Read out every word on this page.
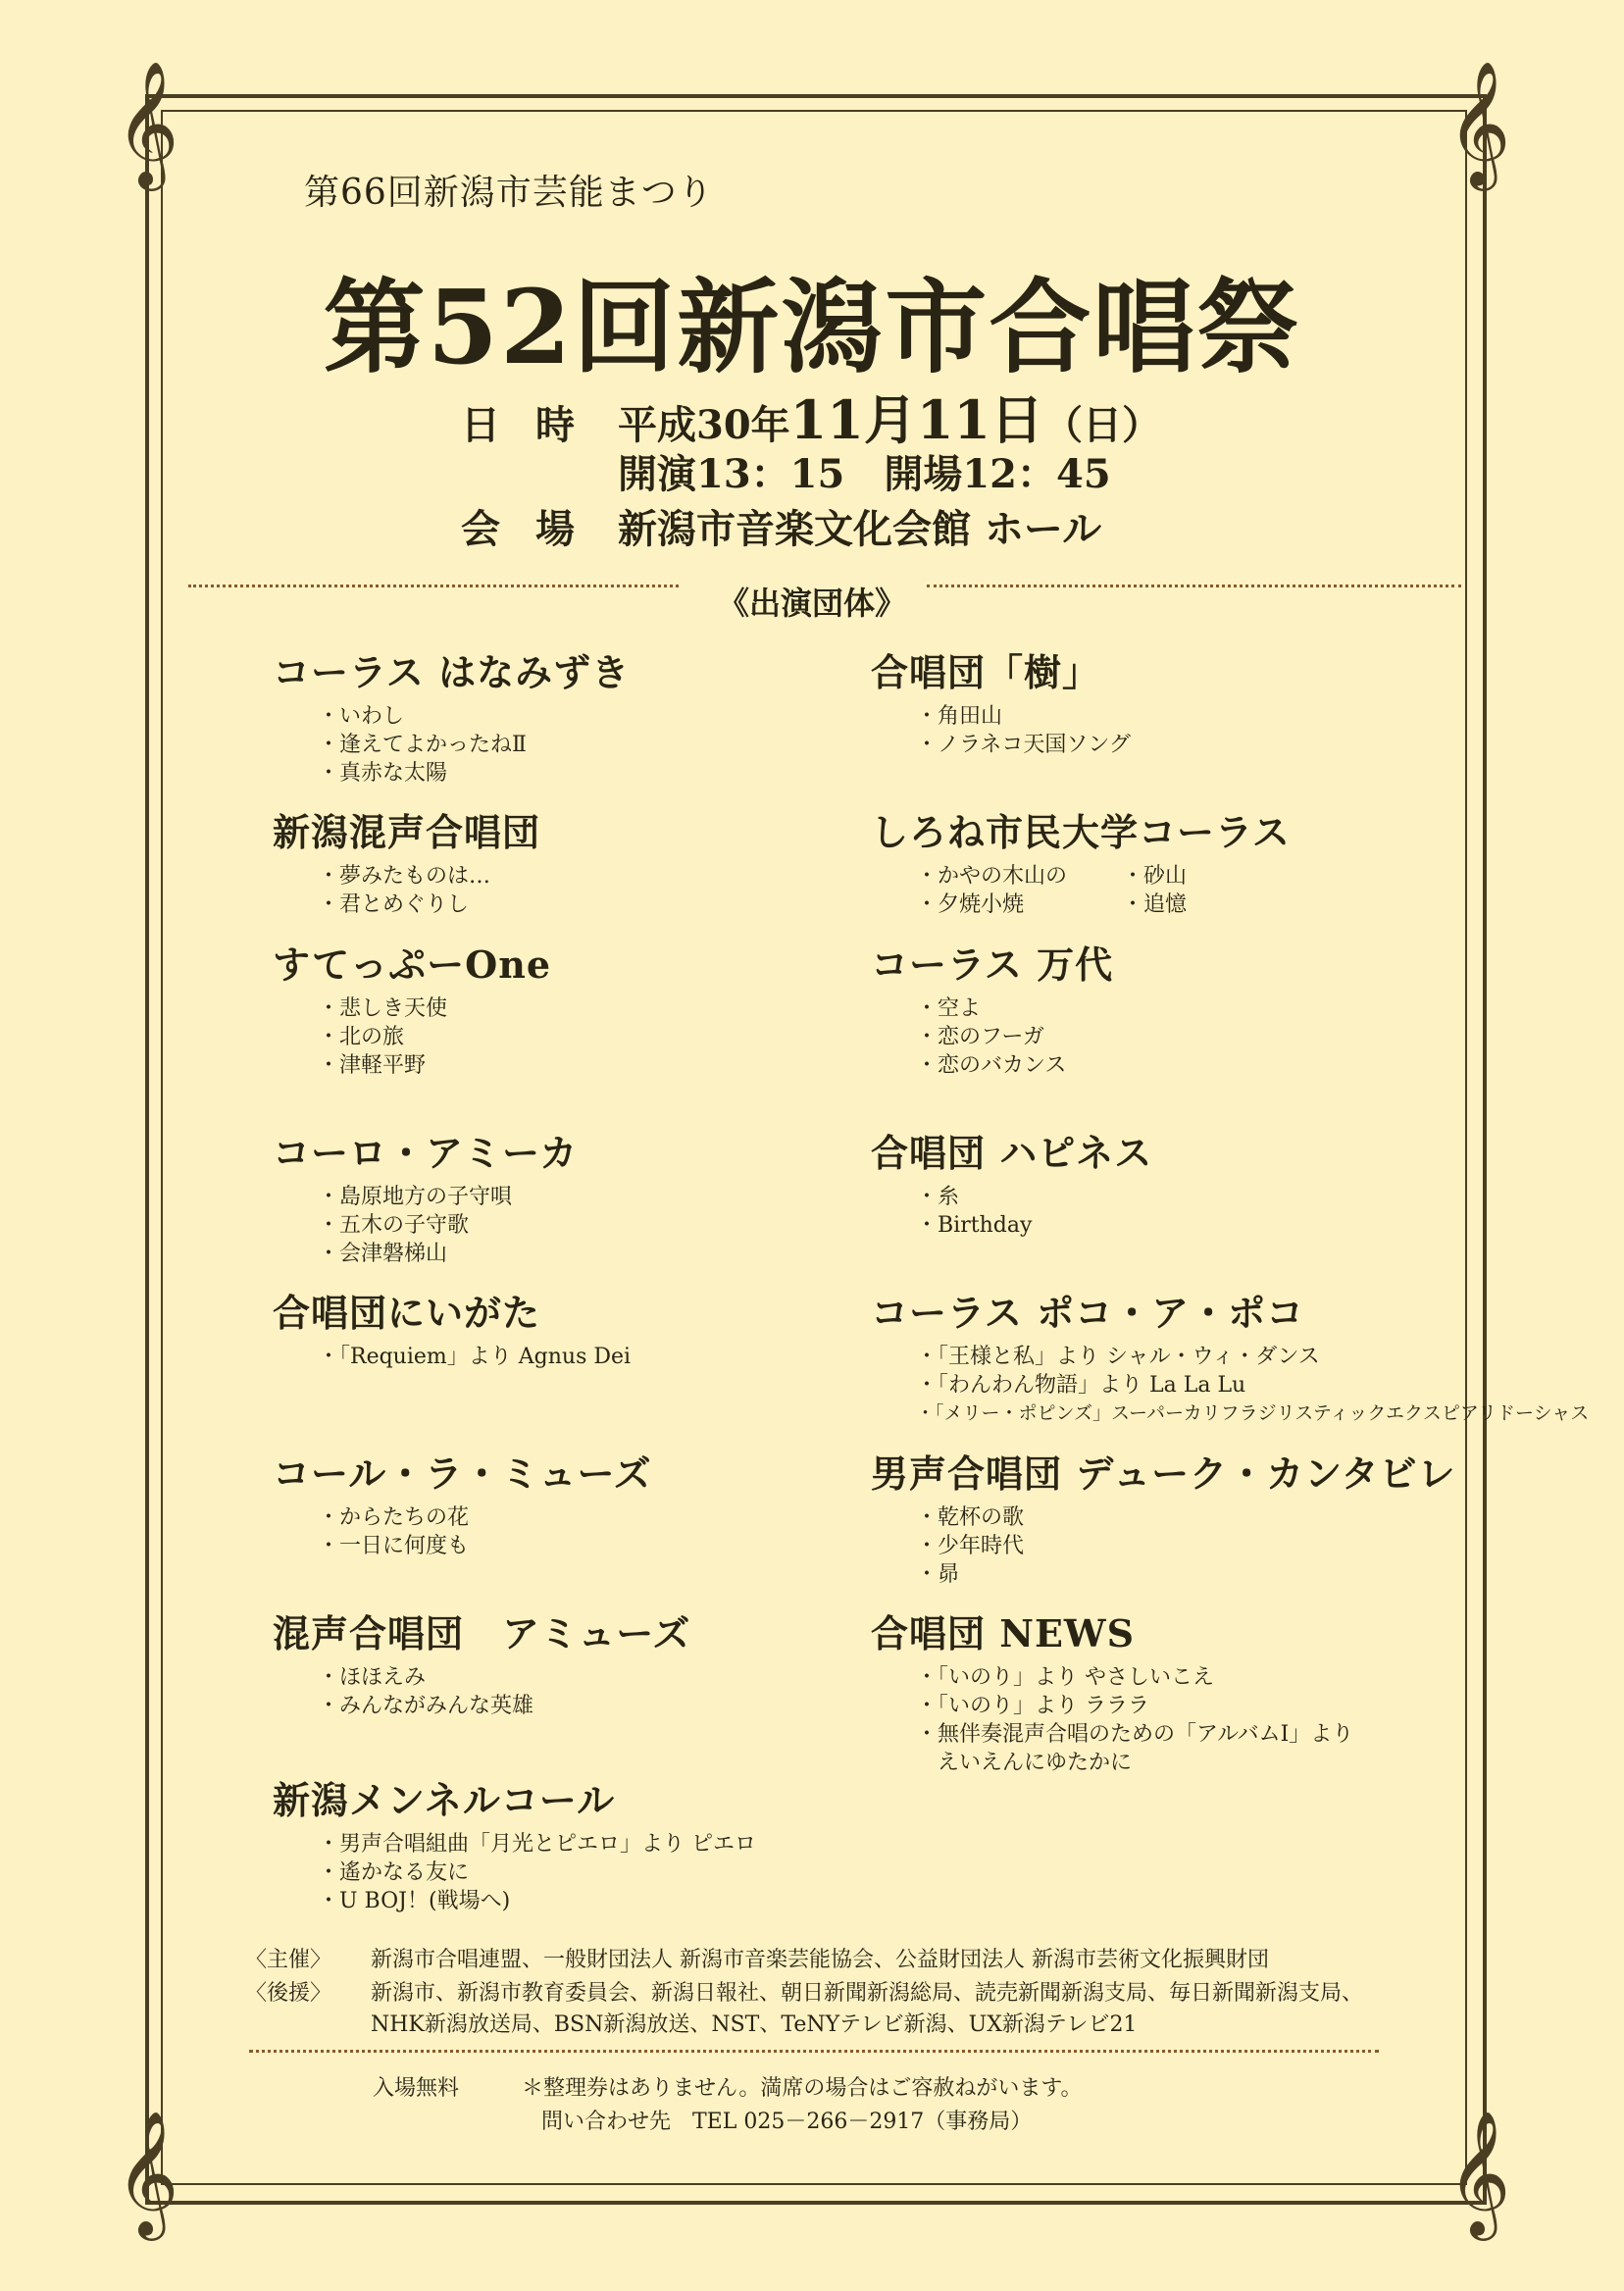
𝄞	𝄞
𝄞	𝄞
第66回新潟市芸能まつり
第52回新潟市合唱祭
日時 平成30年11月11日（日）
開演13：15　開場12：45
会場 新潟市音楽文化会館 ホール
《出演団体》
コーラス はなみずき
・ いわし
・ 逢えてよかったねⅡ
・ 真赤な太陽
新潟混声合唱団
・ 夢みたものは…
・ 君とめぐりし
すてっぷーOne
・ 悲しき天使
・ 北の旅
・ 津軽平野
コーロ・アミーカ
・ 島原地方の子守唄
・ 五木の子守歌
・ 会津磐梯山
合唱団にいがた
・ 「Requiem」より Agnus Dei
コール・ラ・ミューズ
・ からたちの花
・ 一日に何度も
混声合唱団　アミューズ
・ ほほえみ
・ みんながみんな英雄
新潟メンネルコール
・ 男声合唱組曲「月光とピエロ」より ピエロ
・ 遙かなる友に
・ U BOJ！(戦場へ)
合唱団「樹」
・ 角田山
・ ノラネコ天国ソング
しろね市民大学コーラス
・ かやの木山の	・ 砂山
・ 夕焼小焼	・ 追憶
コーラス 万代
・ 空よ
・ 恋のフーガ
・ 恋のバカンス
合唱団 ハピネス
・ 糸
・ Birthday
コーラス ポコ・ア・ポコ
・ 「王様と私」より シャル・ウィ・ダンス
・ 「わんわん物語」より La La Lu
・ 「メリー・ポピンズ」スーパーカリフラジリスティックエクスピアリドーシャス
男声合唱団 デューク・カンタビレ
・ 乾杯の歌
・ 少年時代
・ 昴
合唱団 NEWS
・ 「いのり」より やさしいこえ
・ 「いのり」より ラララ
・ 無伴奏混声合唱のための「アルバムⅠ」より
えいえんにゆたかに
〈主催〉 新潟市合唱連盟、一般財団法人 新潟市音楽芸能協会、公益財団法人 新潟市芸術文化振興財団
〈後援〉 新潟市、新潟市教育委員会、新潟日報社、朝日新聞新潟総局、読売新聞新潟支局、毎日新聞新潟支局、
NHK新潟放送局、BSN新潟放送、NST、TeNYテレビ新潟、UX新潟テレビ21
入場無料	＊整理券はありません。満席の場合はご容赦ねがいます。
問い合わせ先　TEL 025－266－2917（事務局）
